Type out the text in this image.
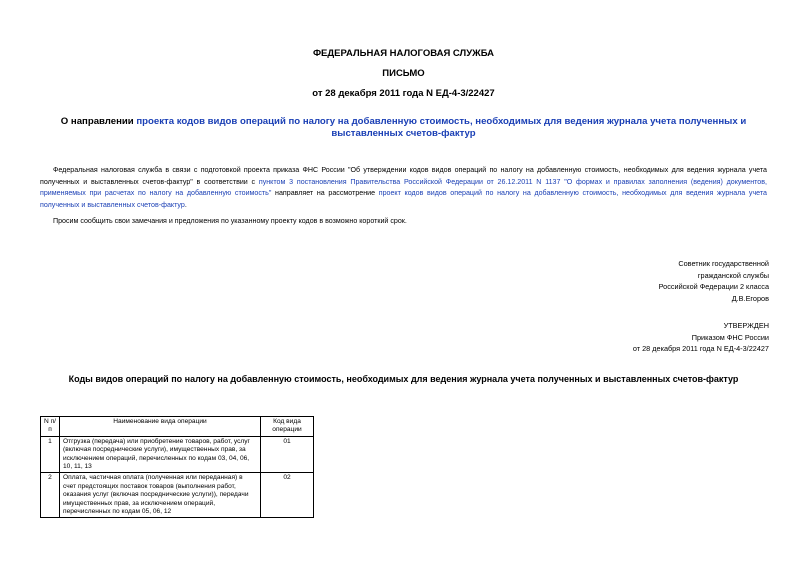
ФЕДЕРАЛЬНАЯ НАЛОГОВАЯ СЛУЖБА
ПИСЬМО
от 28 декабря 2011 года N ЕД-4-3/22427
О направлении проекта кодов видов операций по налогу на добавленную стоимость, необходимых для ведения журнала учета полученных и выставленных счетов-фактур
Федеральная налоговая служба в связи с подготовкой проекта приказа ФНС России "Об утверждении кодов видов операций по налогу на добавленную стоимость, необходимых для ведения журнала учета полученных и выставленных счетов-фактур" в соответствии с пунктом 3 постановления Правительства Российской Федерации от 26.12.2011 N 1137 "О формах и правилах заполнения (ведения) документов, применяемых при расчетах по налогу на добавленную стоимость" направляет на рассмотрение проект кодов видов операций по налогу на добавленную стоимость, необходимых для ведения журнала учета полученных и выставленных счетов-фактур.
Просим сообщить свои замечания и предложения по указанному проекту кодов в возможно короткий срок.
Советник государственной
гражданской службы
Российской Федерации 2 класса
Д.В.Егоров
УТВЕРЖДЕН
Приказом ФНС России
от 28 декабря 2011 года N ЕД-4-3/22427
Коды видов операций по налогу на добавленную стоимость, необходимых для ведения журнала учета полученных и выставленных счетов-фактур
N п/п	Наименование вида операции	Код вида операции
1	Отгрузка (передача) или приобретение товаров, работ, услуг (включая посреднические услуги), имущественных прав, за исключением операций, перечисленных по кодам 03, 04, 06, 10, 11, 13	01
2	Оплата, частичная оплата (полученная или переданная) в счет предстоящих поставок товаров (выполнения работ, оказания услуг (включая посреднические услуги)), передачи имущественных прав, за исключением операций, перечисленных по кодам 05, 06, 12	02
